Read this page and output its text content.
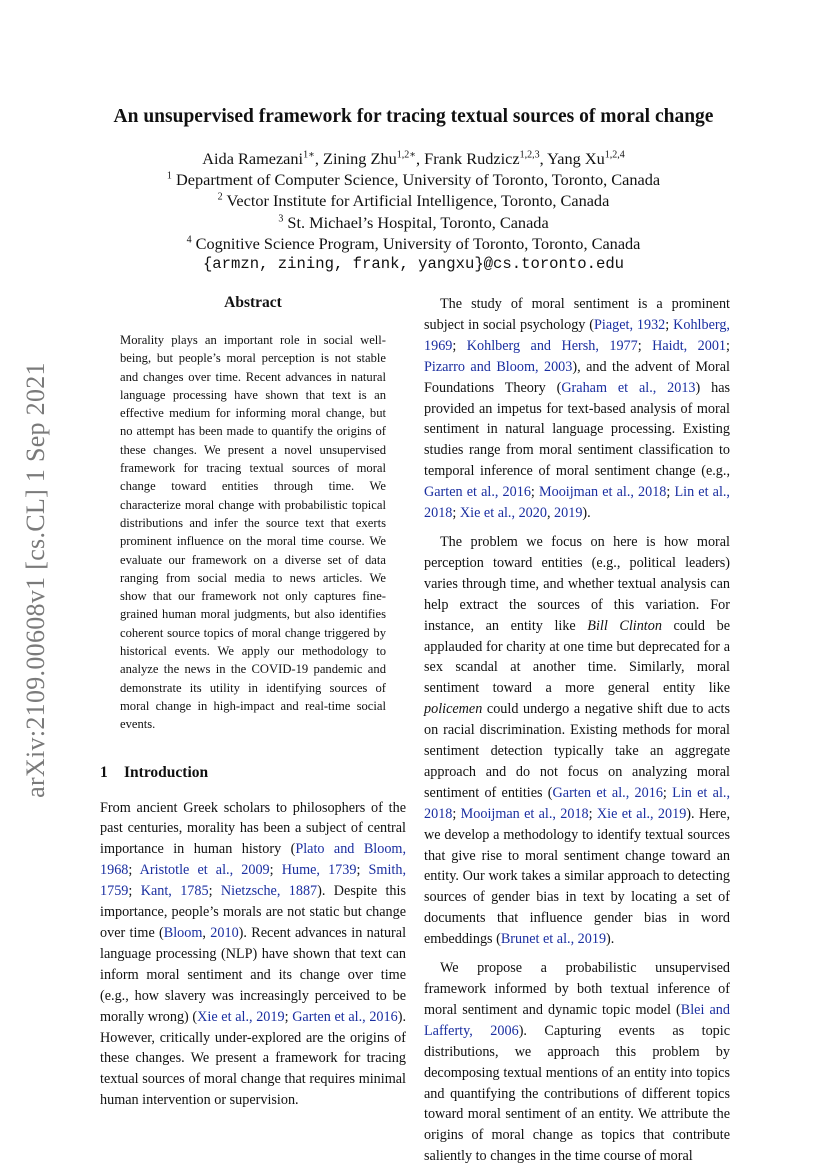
arXiv:2109.00608v1 [cs.CL] 1 Sep 2021
An unsupervised framework for tracing textual sources of moral change
Aida Ramezani$^{1∗}$, Zining Zhu$^{1,2∗}$, Frank Rudzicz$^{1,2,3}$, Yang Xu$^{1,2,4}$
$^1$ Department of Computer Science, University of Toronto, Toronto, Canada
$^2$ Vector Institute for Artificial Intelligence, Toronto, Canada
$^3$ St. Michael’s Hospital, Toronto, Canada
$^4$ Cognitive Science Program, University of Toronto, Toronto, Canada
{armzn, zining, frank, yangxu}@cs.toronto.edu
Abstract

Morality plays an important role in social well-being, but people’s moral perception is not stable and changes over time. Recent advances in natural language processing have shown that text is an effective medium for informing moral change, but no attempt has been made to quantify the origins of these changes. We present a novel unsupervised framework for tracing textual sources of moral change toward entities through time. We characterize moral change with probabilistic topical distributions and infer the source text that exerts prominent influence on the moral time course. We evaluate our framework on a diverse set of data ranging from social media to news articles. We show that our framework not only captures fine-grained human moral judgments, but also identifies coherent source topics of moral change triggered by historical events. We apply our methodology to analyze the news in the COVID-19 pandemic and demonstrate its utility in identifying sources of moral change in high-impact and real-time social events.

1 Introduction

From ancient Greek scholars to philosophers of the past centuries, morality has been a subject of central importance in human history (Plato and Bloom, 1968; Aristotle et al., 2009; Hume, 1739; Smith, 1759; Kant, 1785; Nietzsche, 1887). Despite this importance, people’s morals are not static but change over time (Bloom, 2010). Recent advances in natural language processing (NLP) have shown that text can inform moral sentiment and its change over time (e.g., how slavery was increasingly perceived to be morally wrong) (Xie et al., 2019; Garten et al., 2016). However, critically under-explored are the origins of these changes. We present a framework for tracing textual sources of moral change that requires minimal human intervention or supervision.

The study of moral sentiment is a prominent subject in social psychology (Piaget, 1932; Kohlberg, 1969; Kohlberg and Hersh, 1977; Haidt, 2001; Pizarro and Bloom, 2003), and the advent of Moral Foundations Theory (Graham et al., 2013) has provided an impetus for text-based analysis of moral sentiment in natural language processing. Existing studies range from moral sentiment classification to temporal inference of moral sentiment change (e.g., Garten et al., 2016; Mooijman et al., 2018; Lin et al., 2018; Xie et al., 2020, 2019).

The problem we focus on here is how moral perception toward entities (e.g., political leaders) varies through time, and whether textual analysis can help extract the sources of this variation. For instance, an entity like Bill Clinton could be applauded for charity at one time but deprecated for a sex scandal at another time. Similarly, moral sentiment toward a more general entity like policemen could undergo a negative shift due to acts on racial discrimination. Existing methods for moral sentiment detection typically take an aggregate approach and do not focus on analyzing moral sentiment of entities (Garten et al., 2016; Lin et al., 2018; Mooijman et al., 2018; Xie et al., 2019). Here, we develop a methodology to identify textual sources that give rise to moral sentiment change toward an entity. Our work takes a similar approach to detecting sources of gender bias in text by locating a set of documents that influence gender bias in word embeddings (Brunet et al., 2019).

We propose a probabilistic unsupervised framework informed by both textual inference of moral sentiment and dynamic topic model (Blei and Lafferty, 2006). Capturing events as topic distributions, we approach this problem by decomposing textual mentions of an entity into topics and quantifying the contributions of different topics toward moral sentiment of an entity. We attribute the origins of moral change as topics that contribute saliently to changes in the time course of moral
